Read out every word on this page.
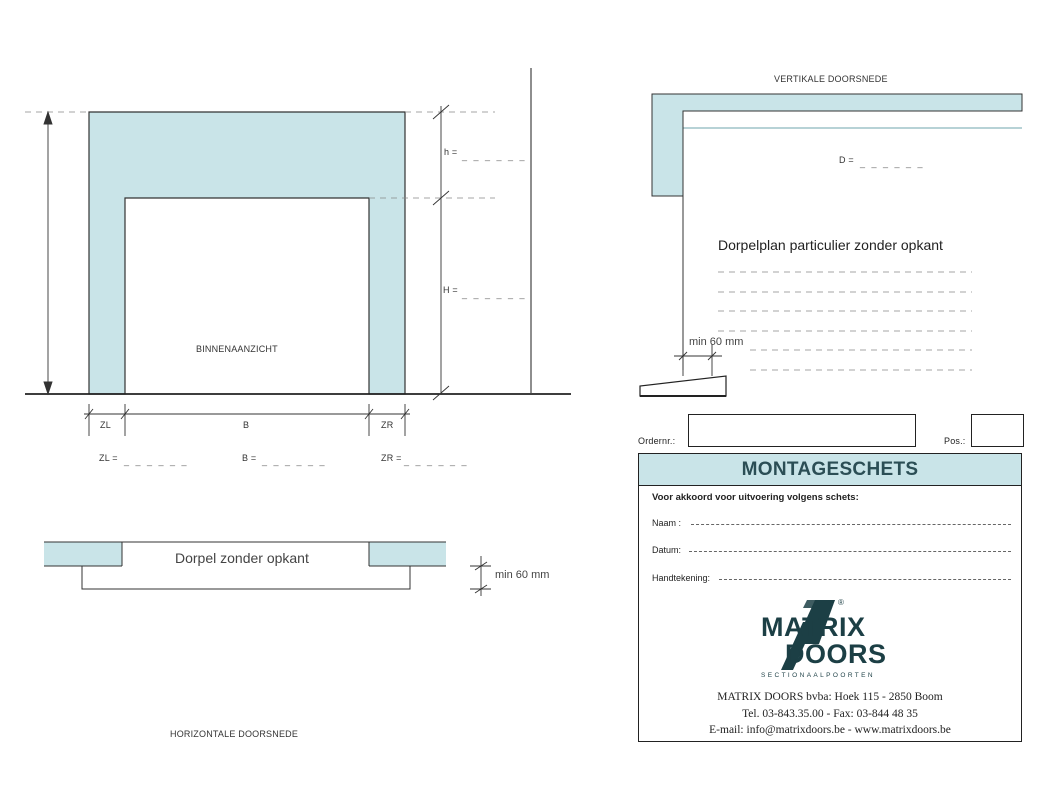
BINNENAANZICHT
h = _ _ _ _ _ _
H = _ _ _ _ _ _
ZL	B	ZR
ZL = _ _ _ _ _ _	B = _ _ _ _ _ _	ZR = _ _ _ _ _ _
Dorpel zonder opkant
min 60 mm
HORIZONTALE DOORSNEDE
VERTIKALE DOORSNEDE
D = _ _ _ _ _ _
Dorpelplan particulier zonder opkant
min 60 mm
Ordernr.:	Pos.:
MONTAGESCHETS
Voor akkoord voor uitvoering volgens schets:
Naam :
Datum:
Handtekening:
MATRIX
DOORS
SECTIONAALPOORTEN
®
MATRIX DOORS bvba: Hoek 115 - 2850 Boom
Tel. 03-843.35.00 - Fax: 03-844 48 35
E-mail: info@matrixdoors.be - www.matrixdoors.be
